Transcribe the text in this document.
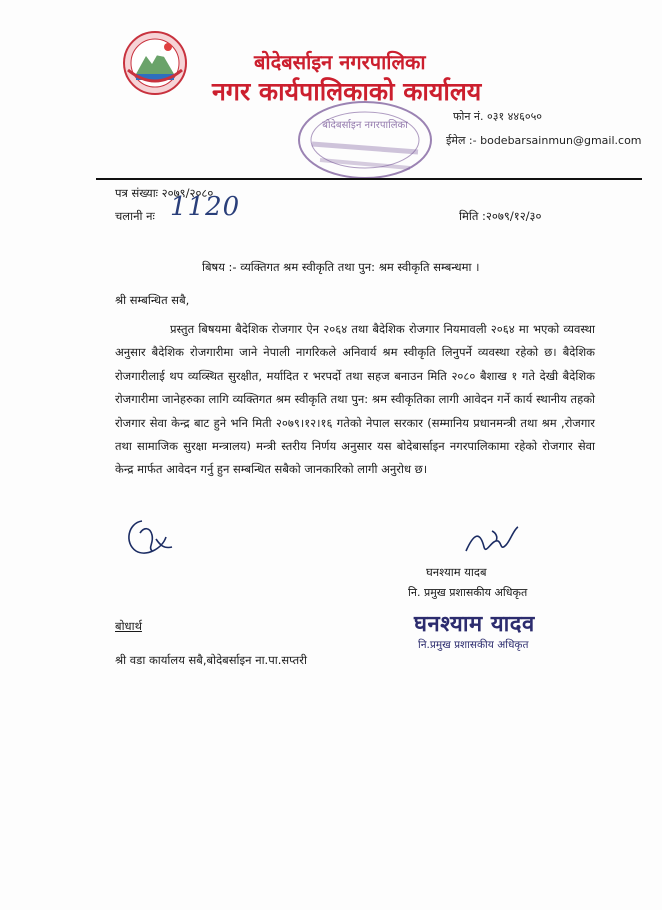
बोदेबर्साइन नगरपालिका
नगर कार्यपालिकाको कार्यालय
फोन नं. ०३१ ४४६०५०
ईमेल :- bodebarsainmun@gmail.com
बोदेबर्साइन नगरपालिका
पत्र संख्याः २०७९/२०८०
चलानी नः 1120	मिति :२०७९/१२/३०
बिषय :- व्यक्तिगत श्रम स्वीकृति तथा पुन: श्रम स्वीकृति सम्बन्धमा ।
श्री सम्बन्धित सबै,
प्रस्तुत बिषयमा बैदेशिक रोजगार ऐन २०६४ तथा बैदेशिक रोजगार नियमावली २०६४ मा भएको व्यवस्था अनुसार बैदेशिक रोजगारीमा जाने नेपाली नागरिकले अनिवार्य श्रम स्वीकृति लिनुपर्ने व्यवस्था रहेको छ। बैदेशिक रोजगारीलाई थप व्यव्स्थित सुरक्षीत, मर्यादित र भरपर्दो तथा सहज बनाउन मिति २०८० बैशाख १ गते देखी बैदेशिक रोजगारीमा जानेहरुका लागि व्यक्तिगत श्रम स्वीकृति तथा पुन: श्रम स्वीकृतिका लागी आवेदन गर्ने कार्य स्थानीय तहको रोजगार सेवा केन्द्र बाट हुने भनि मिती २०७९।१२।१६ गतेको नेपाल सरकार (सम्मानिय प्रधानमन्त्री तथा श्रम ,रोजगार तथा सामाजिक सुरक्षा मन्त्रालय) मन्त्री स्तरीय निर्णय अनुसार यस बोदेबार्साइन नगरपालिकामा रहेको रोजगार सेवा केन्द्र मार्फत आवेदन गर्नु हुन सम्बन्धित सबैको जानकारिको लागी अनुरोध छ।
घनश्याम यादब
नि. प्रमुख प्रशासकीय अधिकृत
घनश्याम यादव
नि.प्रमुख प्रशासकीय अधिकृत
बोधार्थ
श्री वडा कार्यालय सबै,बोदेबर्साइन ना.पा.सप्तरी
